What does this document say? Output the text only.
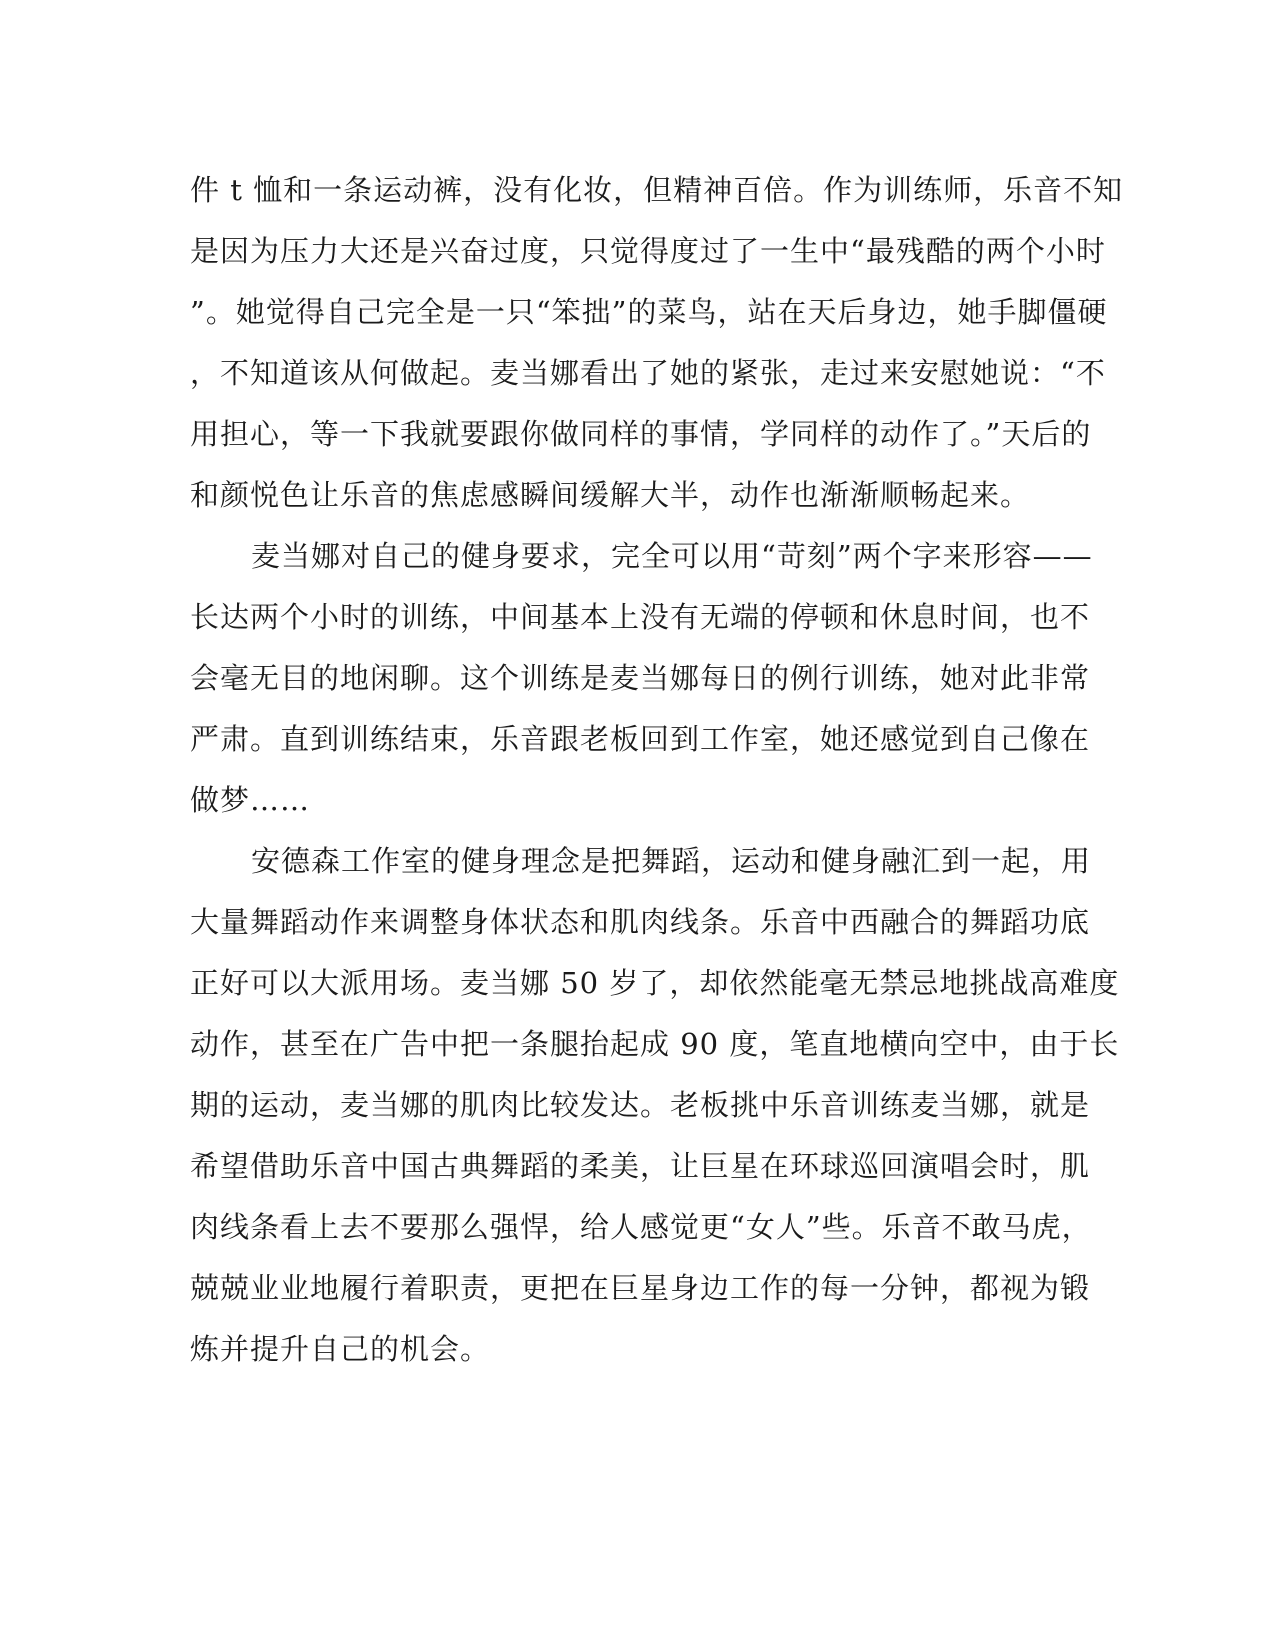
件 t 恤和一条运动裤，没有化妆，但精神百倍。作为训练师，乐音不知
是因为压力大还是兴奋过度，只觉得度过了一生中“最残酷的两个小时
”。她觉得自己完全是一只“笨拙”的菜鸟，站在天后身边，她手脚僵硬
，不知道该从何做起。麦当娜看出了她的紧张，走过来安慰她说：“不
用担心，等一下我就要跟你做同样的事情，学同样的动作了。”天后的
和颜悦色让乐音的焦虑感瞬间缓解大半，动作也渐渐顺畅起来。
麦当娜对自己的健身要求，完全可以用“苛刻”两个字来形容——
长达两个小时的训练，中间基本上没有无端的停顿和休息时间，也不
会毫无目的地闲聊。这个训练是麦当娜每日的例行训练，她对此非常
严肃。直到训练结束，乐音跟老板回到工作室，她还感觉到自己像在
做梦……
安德森工作室的健身理念是把舞蹈，运动和健身融汇到一起，用
大量舞蹈动作来调整身体状态和肌肉线条。乐音中西融合的舞蹈功底
正好可以大派用场。麦当娜 50 岁了，却依然能毫无禁忌地挑战高难度
动作，甚至在广告中把一条腿抬起成 90 度，笔直地横向空中，由于长
期的运动，麦当娜的肌肉比较发达。老板挑中乐音训练麦当娜，就是
希望借助乐音中国古典舞蹈的柔美，让巨星在环球巡回演唱会时，肌
肉线条看上去不要那么强悍，给人感觉更“女人”些。乐音不敢马虎，
兢兢业业地履行着职责，更把在巨星身边工作的每一分钟，都视为锻
炼并提升自己的机会。
